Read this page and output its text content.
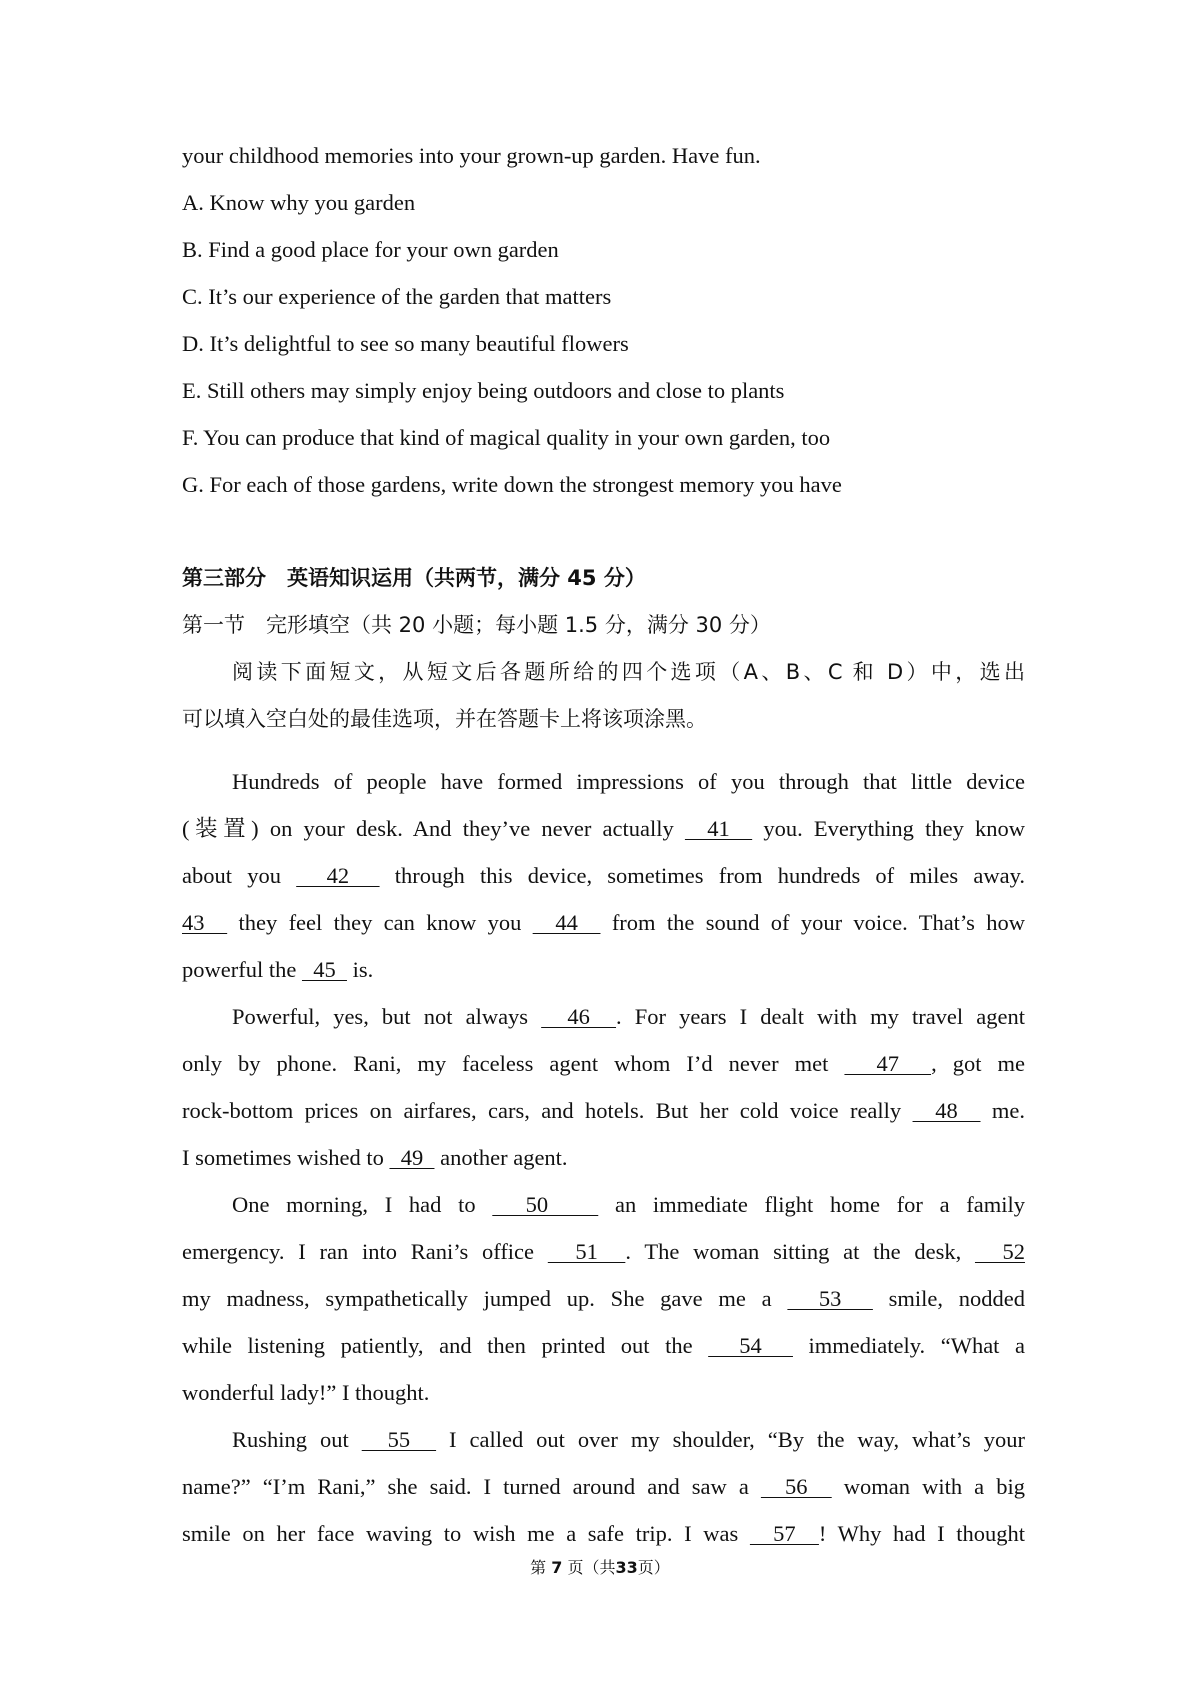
your childhood memories into your grown-up garden. Have fun.
A. Know why you garden
B. Find a good place for your own garden
C. It’s our experience of the garden that matters
D. It’s delightful to see so many beautiful flowers
E. Still others may simply enjoy being outdoors and close to plants
F. You can produce that kind of magical quality in your own garden, too
G. For each of those gardens, write down the strongest memory you have
第三部分　英语知识运用（共两节，满分 45 分）
第一节　完形填空（共 20 小题；每小题 1.5 分，满分 30 分）
阅读下面短文，从短文后各题所给的四个选项（A、B、C 和 D）中，选出
可以填入空白处的最佳选项，并在答题卡上将该项涂黑。
Hundreds of people have formed impressions of you through that little device
(装置) on your desk. And they’ve never actually   41   you. Everything they know
about you   42   through this device, sometimes from hundreds of miles away.
43   they feel they can know you   44   from the sound of your voice. That’s how
powerful the   45   is.
Powerful, yes, but not always   46  . For years I dealt with my travel agent
only by phone. Rani, my faceless agent whom I’d never met   47  , got me
rock-bottom prices on airfares, cars, and hotels. But her cold voice really   48   me.
I sometimes wished to   49   another agent.
One morning, I had to   50    an immediate flight home for a family
emergency. I ran into Rani’s office   51  . The woman sitting at the desk,   52
my madness, sympathetically jumped up. She gave me a   53   smile, nodded
while listening patiently, and then printed out the   54   immediately. “What a
wonderful lady!” I thought.
Rushing out   55   I called out over my shoulder, “By the way, what’s your
name?” “I’m Rani,” she said. I turned around and saw a   56   woman with a big
smile on her face waving to wish me a safe trip. I was   57  ! Why had I thought
第 7 页（共33页）
